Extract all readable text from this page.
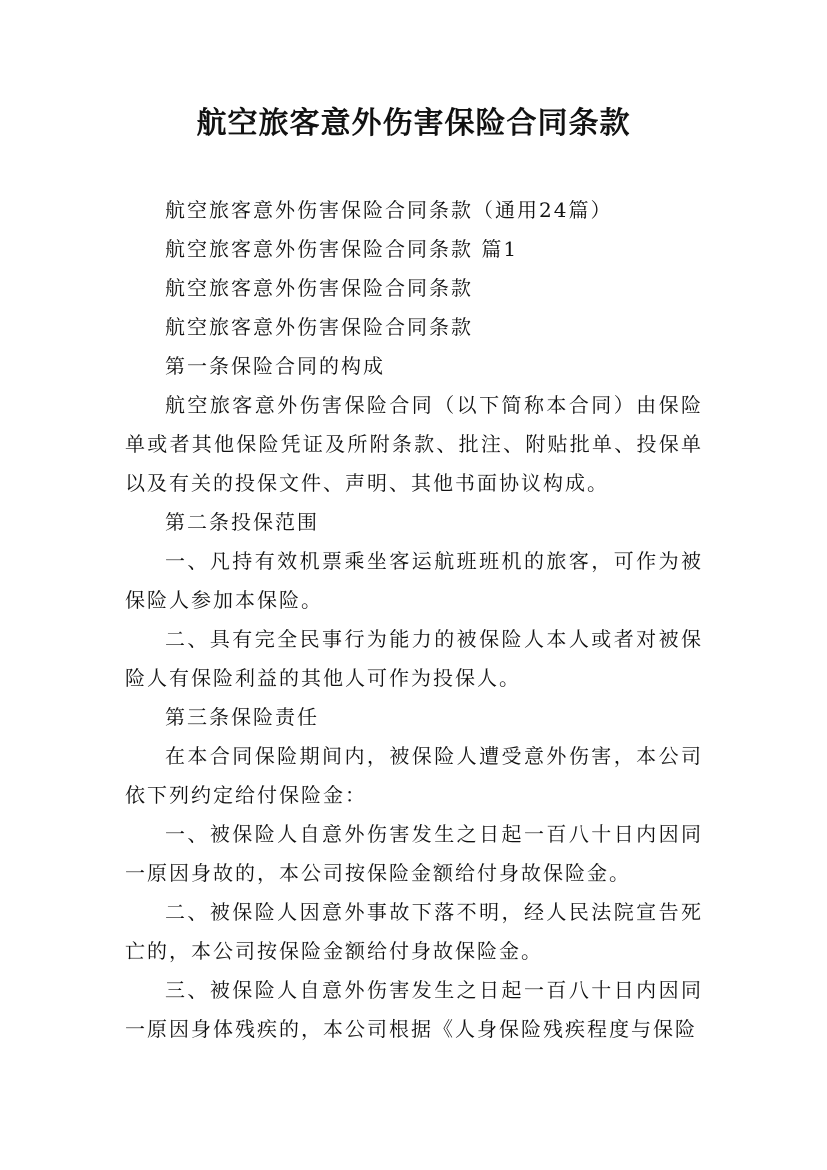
航空旅客意外伤害保险合同条款

航空旅客意外伤害保险合同条款（通用24篇）

航空旅客意外伤害保险合同条款 篇1

航空旅客意外伤害保险合同条款

航空旅客意外伤害保险合同条款

第一条保险合同的构成

航空旅客意外伤害保险合同（以下简称本合同）由保险单或者其他保险凭证及所附条款、批注、附贴批单、投保单以及有关的投保文件、声明、其他书面协议构成。

第二条投保范围

一、凡持有效机票乘坐客运航班班机的旅客，可作为被保险人参加本保险。

二、具有完全民事行为能力的被保险人本人或者对被保险人有保险利益的其他人可作为投保人。

第三条保险责任

在本合同保险期间内，被保险人遭受意外伤害，本公司依下列约定给付保险金：

一、被保险人自意外伤害发生之日起一百八十日内因同一原因身故的，本公司按保险金额给付身故保险金。

二、被保险人因意外事故下落不明，经人民法院宣告死亡的，本公司按保险金额给付身故保险金。

三、被保险人自意外伤害发生之日起一百八十日内因同一原因身体残疾的，本公司根据《人身保险残疾程度与保险
